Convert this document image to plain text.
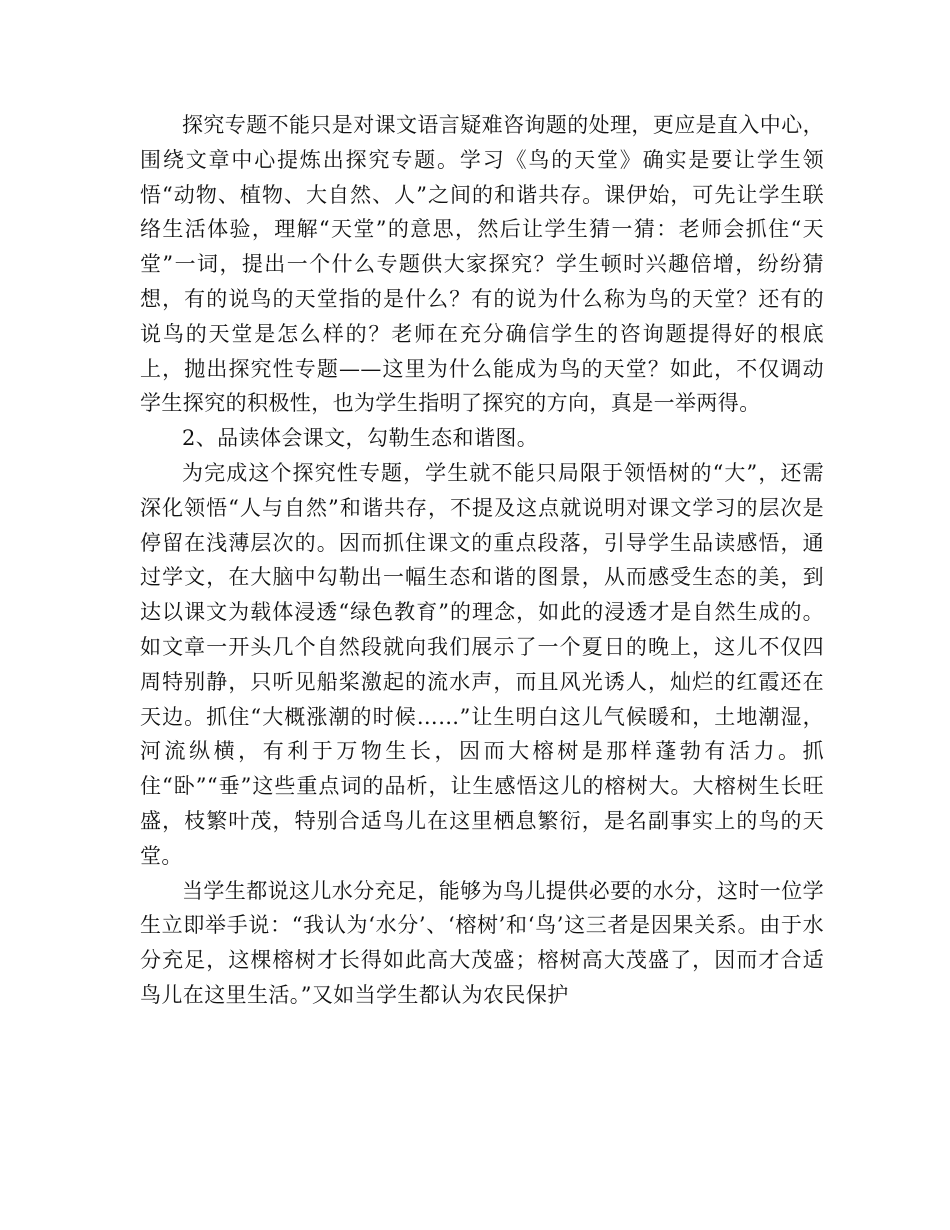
探究专题不能只是对课文语言疑难咨询题的处理，更应是直入中心，围绕文章中心提炼出探究专题。学习《鸟的天堂》确实是要让学生领悟“动物、植物、大自然、人”之间的和谐共存。课伊始，可先让学生联络生活体验，理解“天堂”的意思，然后让学生猜一猜：老师会抓住“天堂”一词，提出一个什么专题供大家探究？学生顿时兴趣倍增，纷纷猜想，有的说鸟的天堂指的是什么？有的说为什么称为鸟的天堂？还有的说鸟的天堂是怎么样的？老师在充分确信学生的咨询题提得好的根底上，抛出探究性专题——这里为什么能成为鸟的天堂？如此，不仅调动学生探究的积极性，也为学生指明了探究的方向，真是一举两得。

2、品读体会课文，勾勒生态和谐图。

为完成这个探究性专题，学生就不能只局限于领悟树的“大”，还需深化领悟“人与自然”和谐共存，不提及这点就说明对课文学习的层次是停留在浅薄层次的。因而抓住课文的重点段落，引导学生品读感悟，通过学文，在大脑中勾勒出一幅生态和谐的图景，从而感受生态的美，到达以课文为载体浸透“绿色教育”的理念，如此的浸透才是自然生成的。如文章一开头几个自然段就向我们展示了一个夏日的晚上，这儿不仅四周特别静，只听见船桨激起的流水声，而且风光诱人，灿烂的红霞还在天边。抓住“大概涨潮的时候……”让生明白这儿气候暖和，土地潮湿，河流纵横，有利于万物生长，因而大榕树是那样蓬勃有活力。抓住“卧”“垂”这些重点词的品析，让生感悟这儿的榕树大。大榕树生长旺盛，枝繁叶茂，特别合适鸟儿在这里栖息繁衍，是名副事实上的鸟的天堂。

当学生都说这儿水分充足，能够为鸟儿提供必要的水分，这时一位学生立即举手说：“我认为‘水分’、‘榕树’和‘鸟’这三者是因果关系。由于水分充足，这棵榕树才长得如此高大茂盛；榕树高大茂盛了，因而才合适鸟儿在这里生活。”又如当学生都认为农民保护
